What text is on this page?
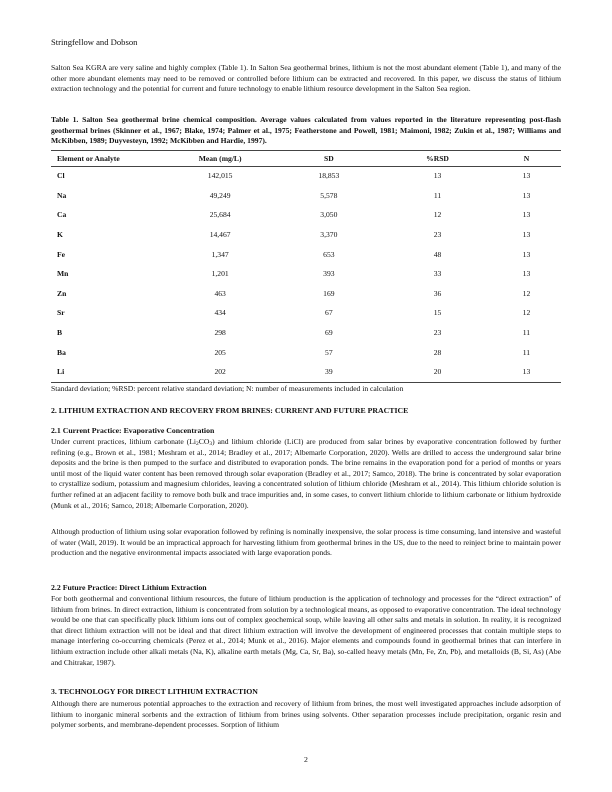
Stringfellow and Dobson

Salton Sea KGRA are very saline and highly complex (Table 1). In Salton Sea geothermal brines, lithium is not the most abundant element (Table 1), and many of the other more abundant elements may need to be removed or controlled before lithium can be extracted and recovered. In this paper, we discuss the status of lithium extraction technology and the potential for current and future technology to enable lithium resource development in the Salton Sea region.

Table 1. Salton Sea geothermal brine chemical composition. Average values calculated from values reported in the literature representing post-flash geothermal brines (Skinner et al., 1967; Blake, 1974; Palmer et al., 1975; Featherstone and Powell, 1981; Maimoni, 1982; Zukin et al., 1987; Williams and McKibben, 1989; Duyvesteyn, 1992; McKibben and Hardie, 1997).

Element or Analyte	Mean (mg/L)	SD	%RSD	N
Cl	142,015	18,853	13	13
Na	49,249	5,578	11	13
Ca	25,684	3,050	12	13
K	14,467	3,370	23	13
Fe	1,347	653	48	13
Mn	1,201	393	33	13
Zn	463	169	36	12
Sr	434	67	15	12
B	298	69	23	11
Ba	205	57	28	11
Li	202	39	20	13
Standard deviation; %RSD: percent relative standard deviation; N: number of measurements included in calculation
2. LITHIUM EXTRACTION AND RECOVERY FROM BRINES: CURRENT AND FUTURE PRACTICE
2.1 Current Practice: Evaporative Concentration

Under current practices, lithium carbonate $(Li_2CO_3)$ and lithium chloride (LiCl) are produced from salar brines by evaporative concentration followed by further refining (e.g., Brown et al., 1981; Meshram et al., 2014; Bradley et al., 2017; Albemarle Corporation, 2020). Wells are drilled to access the underground salar brine deposits and the brine is then pumped to the surface and distributed to evaporation ponds. The brine remains in the evaporation pond for a period of months or years until most of the liquid water content has been removed through solar evaporation (Bradley et al., 2017; Samco, 2018). The brine is concentrated by solar evaporation to crystallize sodium, potassium and magnesium chlorides, leaving a concentrated solution of lithium chloride (Meshram et al., 2014). This lithium chloride solution is further refined at an adjacent facility to remove both bulk and trace impurities and, in some cases, to convert lithium chloride to lithium carbonate or lithium hydroxide (Munk et al., 2016; Samco, 2018; Albemarle Corporation, 2020).

Although production of lithium using solar evaporation followed by refining is nominally inexpensive, the solar process is time consuming, land intensive and wasteful of water (Wall, 2019). It would be an impractical approach for harvesting lithium from geothermal brines in the US, due to the need to reinject brine to maintain power production and the negative environmental impacts associated with large evaporation ponds.

2.2 Future Practice: Direct Lithium Extraction

For both geothermal and conventional lithium resources, the future of lithium production is the application of technology and processes for the “direct extraction” of lithium from brines. In direct extraction, lithium is concentrated from solution by a technological means, as opposed to evaporative concentration. The ideal technology would be one that can specifically pluck lithium ions out of complex geochemical soup, while leaving all other salts and metals in solution. In reality, it is recognized that direct lithium extraction will not be ideal and that direct lithium extraction will involve the development of engineered processes that contain multiple steps to manage interfering co-occurring chemicals (Perez et al., 2014; Munk et al., 2016). Major elements and compounds found in geothermal brines that can interfere in lithium extraction include other alkali metals (Na, K), alkaline earth metals (Mg, Ca, Sr, Ba), so-called heavy metals (Mn, Fe, Zn, Pb), and metalloids (B, Si, As) (Abe and Chitrakar, 1987).

3. TECHNOLOGY FOR DIRECT LITHIUM EXTRACTION

Although there are numerous potential approaches to the extraction and recovery of lithium from brines, the most well investigated approaches include adsorption of lithium to inorganic mineral sorbents and the extraction of lithium from brines using solvents. Other separation processes include precipitation, organic resin and polymer sorbents, and membrane-dependent processes. Sorption of lithium

2
